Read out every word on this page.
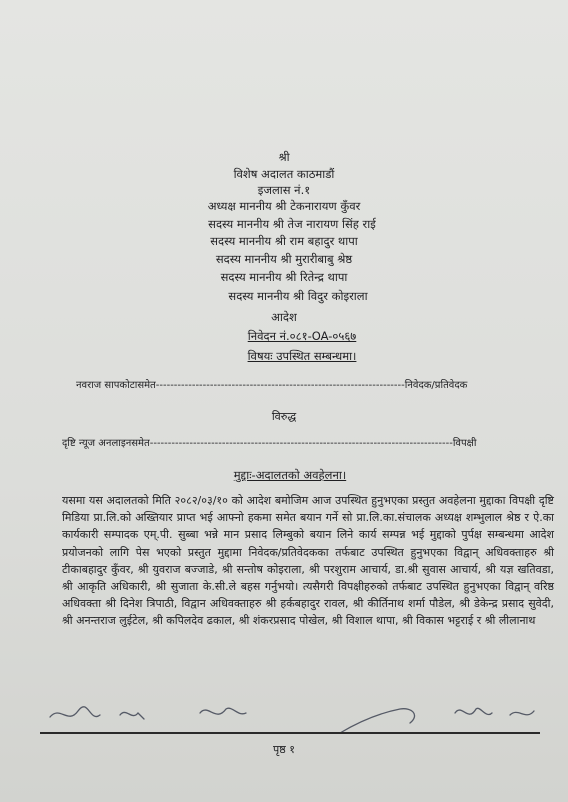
श्री
विशेष अदालत काठमाडौं
इजलास नं.१
अध्यक्ष माननीय श्री टेकनारायण कुँवर
सदस्य माननीय श्री तेज नारायण सिंह राई
सदस्य माननीय श्री राम बहादुर थापा
सदस्य माननीय श्री मुरारीबाबु श्रेष्ठ
सदस्य माननीय श्री रितेन्द्र थापा
सदस्य माननीय श्री विदुर कोइराला
आदेश
निवेदन नं.०८१-OA-०५६७
विषयः उपस्थित सम्बन्धमा।
नवराज सापकोटासमेत---------------------------------------------------------------------निवेदक/प्रतिवेदक
विरुद्ध
दृष्टि न्यूज अनलाइनसमेत------------------------------------------------------------------------------------विपक्षी
मुद्दाः-अदालतको अवहेलना।
यसमा यस अदालतको मिति २०८२/०३/१० को आदेश बमोजिम आज उपस्थित हुनुभएका प्रस्तुत अवहेलना मुद्दाका विपक्षी दृष्टि मिडिया प्रा.लि.को अख्तियार प्राप्त भई आफ्नो हकमा समेत बयान गर्ने सो प्रा.लि.का.संचालक अध्यक्ष शम्भुलाल श्रेष्ठ र ऐ.का कार्यकारी सम्पादक एम्.पी. सुब्बा भन्ने मान प्रसाद लिम्बुको बयान लिने कार्य सम्पन्न भई मुद्दाको पुर्पक्ष सम्बन्धमा आदेश प्रयोजनको लागि पेस भएको प्रस्तुत मुद्दामा निवेदक/प्रतिवेदकका तर्फबाट उपस्थित हुनुभएका विद्वान् अधिवक्ताहरु श्री टीकाबहादुर कुँवर, श्री युवराज बज्जाडे, श्री सन्तोष कोइराला, श्री परशुराम आचार्य, डा.श्री सुवास आचार्य, श्री यज्ञ खतिवडा, श्री आकृति अधिकारी, श्री सुजाता के.सी.ले बहस गर्नुभयो। त्यसैगरी विपक्षीहरुको तर्फबाट उपस्थित हुनुभएका विद्वान् वरिष्ठ अधिवक्ता श्री दिनेश त्रिपाठी, विद्वान अधिवक्ताहरु श्री हर्कबहादुर रावल, श्री कीर्तिनाथ शर्मा पौडेल, श्री डेकेन्द्र प्रसाद सुवेदी, श्री अनन्तराज लुईटेल, श्री कपिलदेव ढकाल, श्री शंकरप्रसाद पोखेल, श्री विशाल थापा, श्री विकास भट्टराई र श्री लीलानाथ
पृष्ठ १
